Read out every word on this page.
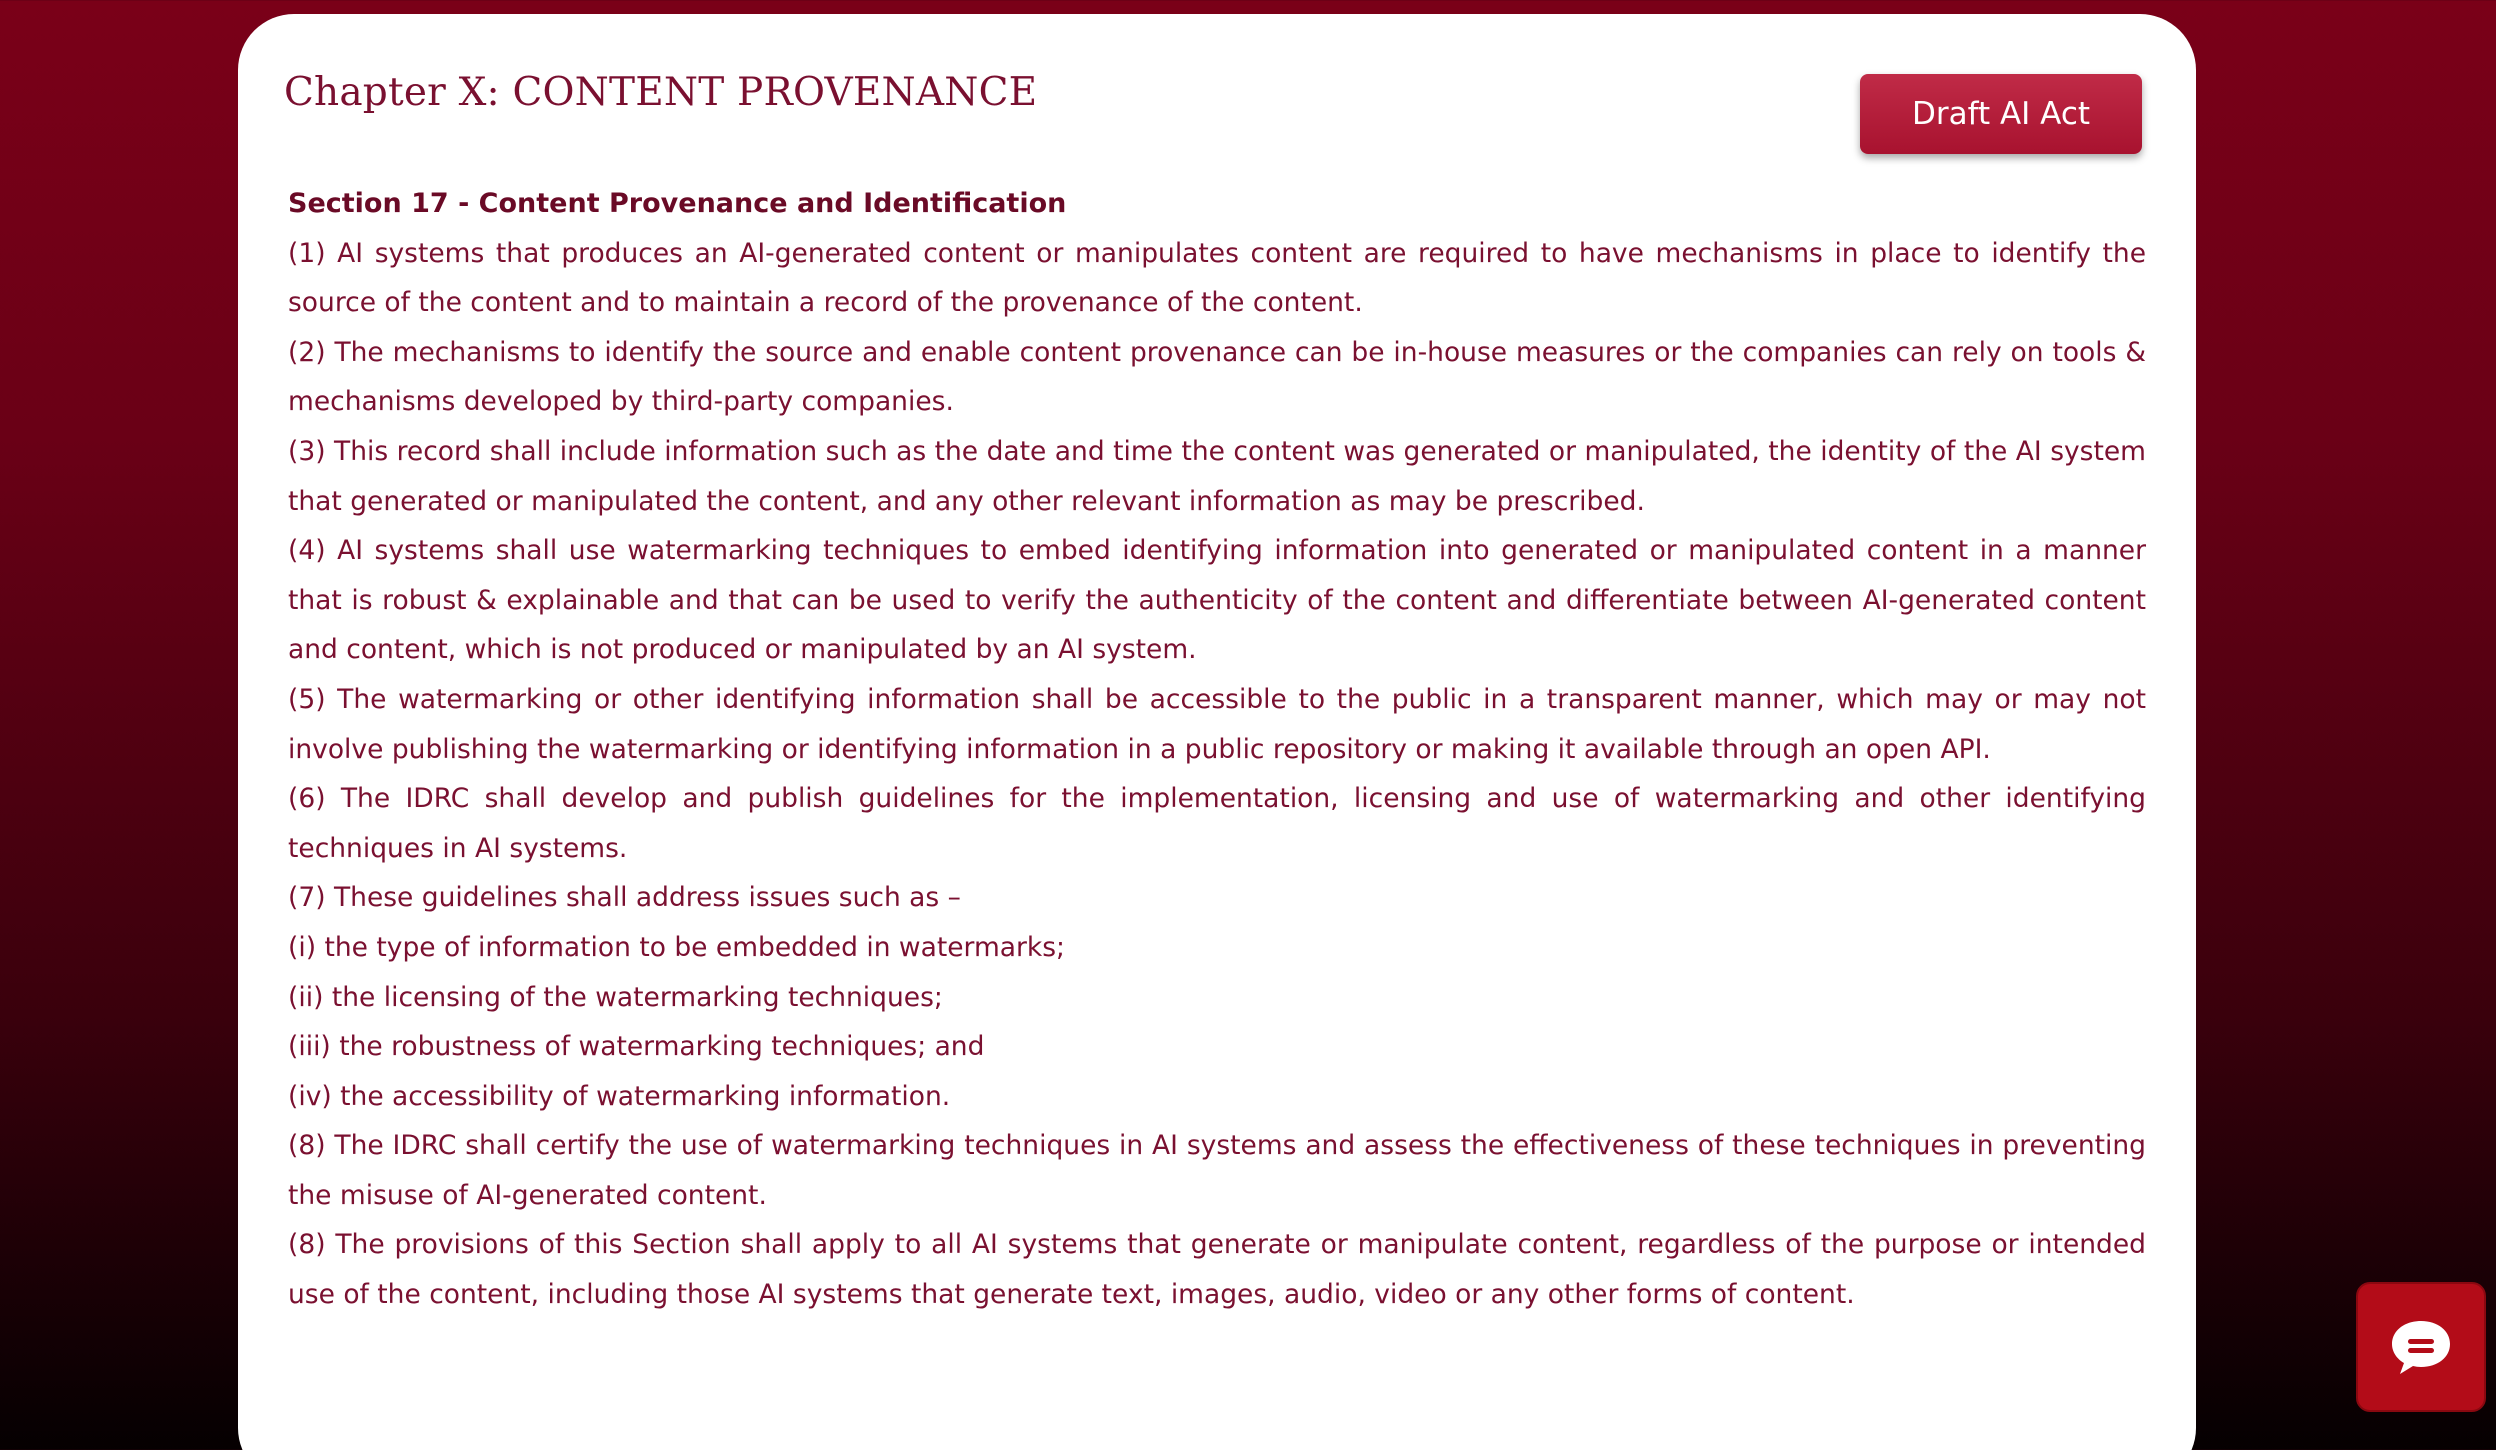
Chapter X: CONTENT PROVENANCE	Draft AI Act

Section 17 - Content Provenance and Identification

(1) AI systems that produces an AI-generated content or manipulates content are required to have mechanisms in place to identify the source of the content and to maintain a record of the provenance of the content.

(2) The mechanisms to identify the source and enable content provenance can be in-house measures or the companies can rely on tools & mechanisms developed by third-party companies.

(3) This record shall include information such as the date and time the content was generated or manipulated, the identity of the AI system that generated or manipulated the content, and any other relevant information as may be prescribed.

(4) AI systems shall use watermarking techniques to embed identifying information into generated or manipulated content in a manner that is robust & explainable and that can be used to verify the authenticity of the content and differentiate between AI-generated content and content, which is not produced or manipulated by an AI system.

(5) The watermarking or other identifying information shall be accessible to the public in a transparent manner, which may or may not involve publishing the watermarking or identifying information in a public repository or making it available through an open API.

(6) The IDRC shall develop and publish guidelines for the implementation, licensing and use of watermarking and other identifying techniques in AI systems.

(7) These guidelines shall address issues such as –

(i) the type of information to be embedded in watermarks;

(ii) the licensing of the watermarking techniques;

(iii) the robustness of watermarking techniques; and

(iv) the accessibility of watermarking information.

(8) The IDRC shall certify the use of watermarking techniques in AI systems and assess the effectiveness of these techniques in preventing the misuse of AI-generated content.

(8) The provisions of this Section shall apply to all AI systems that generate or manipulate content, regardless of the purpose or intended use of the content, including those AI systems that generate text, images, audio, video or any other forms of content.
